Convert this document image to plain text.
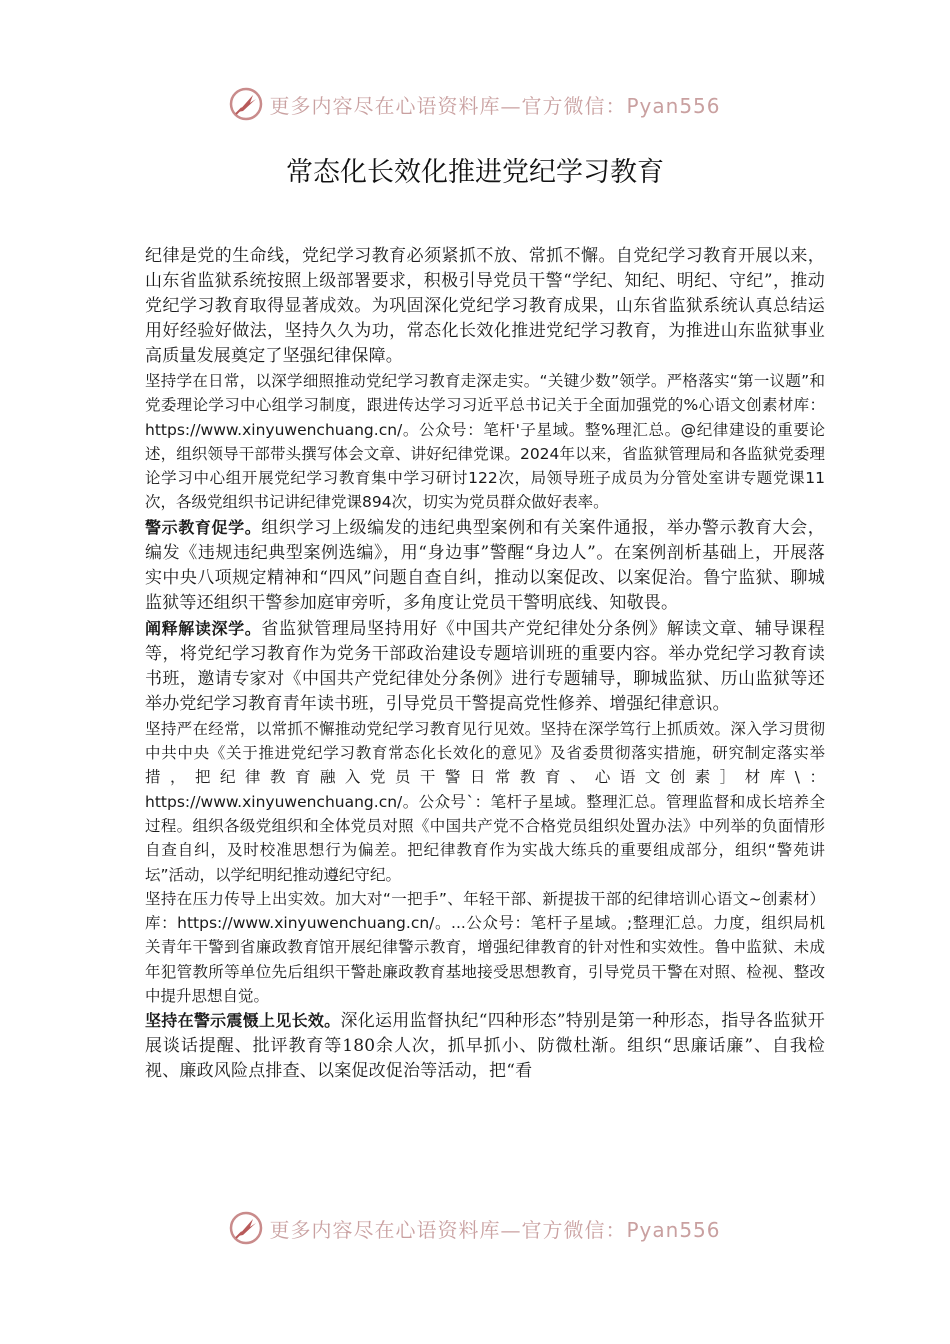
更多内容尽在心语资料库—官方微信：Pyan556
常态化长效化推进党纪学习教育

纪律是党的生命线，党纪学习教育必须紧抓不放、常抓不懈。自党纪学习教育开展以来，山东省监狱系统按照上级部署要求，积极引导党员干警“学纪、知纪、明纪、守纪”，推动党纪学习教育取得显著成效。为巩固深化党纪学习教育成果，山东省监狱系统认真总结运用好经验好做法，坚持久久为功，常态化长效化推进党纪学习教育，为推进山东监狱事业高质量发展奠定了坚强纪律保障。

坚持学在日常，以深学细照推动党纪学习教育走深走实。“关键少数”领学。严格落实“第一议题”和党委理论学习中心组学习制度，跟进传达学习习近平总书记关于全面加强党的%心语文创素材库：https://www.xinyuwenchuang.cn/。公众号：笔杆'子星域。整%理汇总。@纪律建设的重要论述，组织领导干部带头撰写体会文章、讲好纪律党课。2024年以来，省监狱管理局和各监狱党委理论学习中心组开展党纪学习教育集中学习研讨122次，局领导班子成员为分管处室讲专题党课11次，各级党组织书记讲纪律党课894次，切实为党员群众做好表率。

警示教育促学。组织学习上级编发的违纪典型案例和有关案件通报，举办警示教育大会，编发《违规违纪典型案例选编》，用“身边事”警醒“身边人”。在案例剖析基础上，开展落实中央八项规定精神和“四风”问题自查自纠，推动以案促改、以案促治。鲁宁监狱、聊城监狱等还组织干警参加庭审旁听，多角度让党员干警明底线、知敬畏。

阐释解读深学。省监狱管理局坚持用好《中国共产党纪律处分条例》解读文章、辅导课程等，将党纪学习教育作为党务干部政治建设专题培训班的重要内容。举办党纪学习教育读书班，邀请专家对《中国共产党纪律处分条例》进行专题辅导，聊城监狱、历山监狱等还举办党纪学习教育青年读书班，引导党员干警提高党性修养、增强纪律意识。

坚持严在经常，以常抓不懈推动党纪学习教育见行见效。坚持在深学笃行上抓质效。深入学习贯彻中共中央《关于推进党纪学习教育常态化长效化的意见》及省委贯彻落实措施，研究制定落实举措，把纪律教育融入党员干警日常教育、心语文创素］材库\：https://www.xinyuwenchuang.cn/。公众号`：笔杆子星域。整理汇总。管理监督和成长培养全过程。组织各级党组织和全体党员对照《中国共产党不合格党员组织处置办法》中列举的负面情形自查自纠，及时校准思想行为偏差。把纪律教育作为实战大练兵的重要组成部分，组织“警苑讲坛”活动，以学纪明纪推动遵纪守纪。

坚持在压力传导上出实效。加大对“一把手”、年轻干部、新提拔干部的纪律培训心语文~创素材）库：https://www.xinyuwenchuang.cn/。...公众号：笔杆子星域。;整理汇总。力度，组织局机关青年干警到省廉政教育馆开展纪律警示教育，增强纪律教育的针对性和实效性。鲁中监狱、未成年犯管教所等单位先后组织干警赴廉政教育基地接受思想教育，引导党员干警在对照、检视、整改中提升思想自觉。

坚持在警示震慑上见长效。深化运用监督执纪“四种形态”特别是第一种形态，指导各监狱开展谈话提醒、批评教育等180余人次，抓早抓小、防微杜渐。组织“思廉话廉”、自我检视、廉政风险点排查、以案促改促治等活动，把“看

更多内容尽在心语资料库—官方微信：Pyan556
